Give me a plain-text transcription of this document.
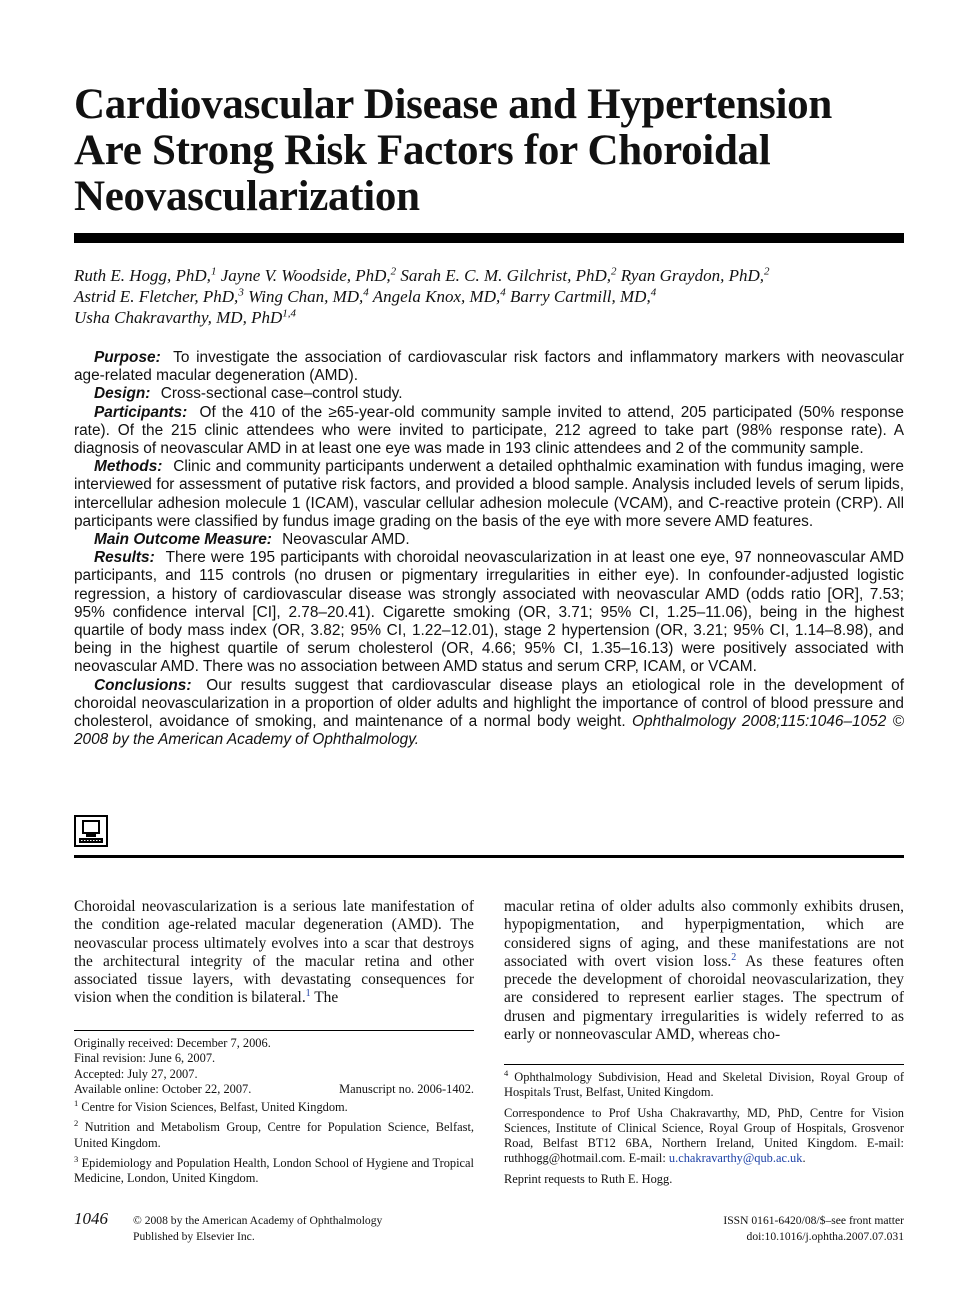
Cardiovascular Disease and Hypertension Are Strong Risk Factors for Choroidal Neovascularization
Ruth E. Hogg, PhD,$^1$ Jayne V. Woodside, PhD,$^2$ Sarah E. C. M. Gilchrist, PhD,$^2$ Ryan Graydon, PhD,$^2$
Astrid E. Fletcher, PhD,$^3$ Wing Chan, MD,$^4$ Angela Knox, MD,$^4$ Barry Cartmill, MD,$^4$
Usha Chakravarthy, MD, PhD$^{1,4}$

Purpose: To investigate the association of cardiovascular risk factors and inflammatory markers with neovascular age-related macular degeneration (AMD).

Design: Cross-sectional case–control study.

Participants: Of the 410 of the ≥65-year-old community sample invited to attend, 205 participated (50% response rate). Of the 215 clinic attendees who were invited to participate, 212 agreed to take part (98% response rate). A diagnosis of neovascular AMD in at least one eye was made in 193 clinic attendees and 2 of the community sample.

Methods: Clinic and community participants underwent a detailed ophthalmic examination with fundus imaging, were interviewed for assessment of putative risk factors, and provided a blood sample. Analysis included levels of serum lipids, intercellular adhesion molecule 1 (ICAM), vascular cellular adhesion molecule (VCAM), and C-reactive protein (CRP). All participants were classified by fundus image grading on the basis of the eye with more severe AMD features.

Main Outcome Measure: Neovascular AMD.

Results: There were 195 participants with choroidal neovascularization in at least one eye, 97 nonneovascular AMD participants, and 115 controls (no drusen or pigmentary irregularities in either eye). In confounder-adjusted logistic regression, a history of cardiovascular disease was strongly associated with neovascular AMD (odds ratio [OR], 7.53; 95% confidence interval [CI], 2.78–20.41). Cigarette smoking (OR, 3.71; 95% CI, 1.25–11.06), being in the highest quartile of body mass index (OR, 3.82; 95% CI, 1.22–12.01), stage 2 hypertension (OR, 3.21; 95% CI, 1.14–8.98), and being in the highest quartile of serum cholesterol (OR, 4.66; 95% CI, 1.35–16.13) were positively associated with neovascular AMD. There was no association between AMD status and serum CRP, ICAM, or VCAM.

Conclusions: Our results suggest that cardiovascular disease plays an etiological role in the development of choroidal neovascularization in a proportion of older adults and highlight the importance of control of blood pressure and cholesterol, avoidance of smoking, and maintenance of a normal body weight. Ophthalmology 2008;115:1046–1052 © 2008 by the American Academy of Ophthalmology.

Choroidal neovascularization is a serious late manifestation of the condition age-related macular degeneration (AMD). The neovascular process ultimately evolves into a scar that destroys the architectural integrity of the macular retina and other associated tissue layers, with devastating consequences for vision when the condition is bilateral.$^1$ The
macular retina of older adults also commonly exhibits drusen, hypopigmentation, and hyperpigmentation, which are considered signs of aging, and these manifestations are not associated with overt vision loss.$^2$ As these features often precede the development of choroidal neovascularization, they are considered to represent earlier stages. The spectrum of drusen and pigmentary irregularities is widely referred to as early or nonneovascular AMD, whereas cho-
Originally received: December 7, 2006.
Final revision: June 6, 2007.
Accepted: July 27, 2007.
Available online: October 22, 2007.	Manuscript no. 2006-1402.

$^1$ Centre for Vision Sciences, Belfast, United Kingdom.

$^2$ Nutrition and Metabolism Group, Centre for Population Science, Belfast, United Kingdom.

$^3$ Epidemiology and Population Health, London School of Hygiene and Tropical Medicine, London, United Kingdom.

$^4$ Ophthalmology Subdivision, Head and Skeletal Division, Royal Group of Hospitals Trust, Belfast, United Kingdom.

Correspondence to Prof Usha Chakravarthy, MD, PhD, Centre for Vision Sciences, Institute of Clinical Science, Royal Group of Hospitals, Grosvenor Road, Belfast BT12 6BA, Northern Ireland, United Kingdom. E-mail: ruthhogg@hotmail.com. E-mail: u.chakravarthy@qub.ac.uk.

Reprint requests to Ruth E. Hogg.

1046 © 2008 by the American Academy of Ophthalmology
Published by Elsevier Inc.
ISSN 0161-6420/08/$–see front matter
doi:10.1016/j.ophtha.2007.07.031
